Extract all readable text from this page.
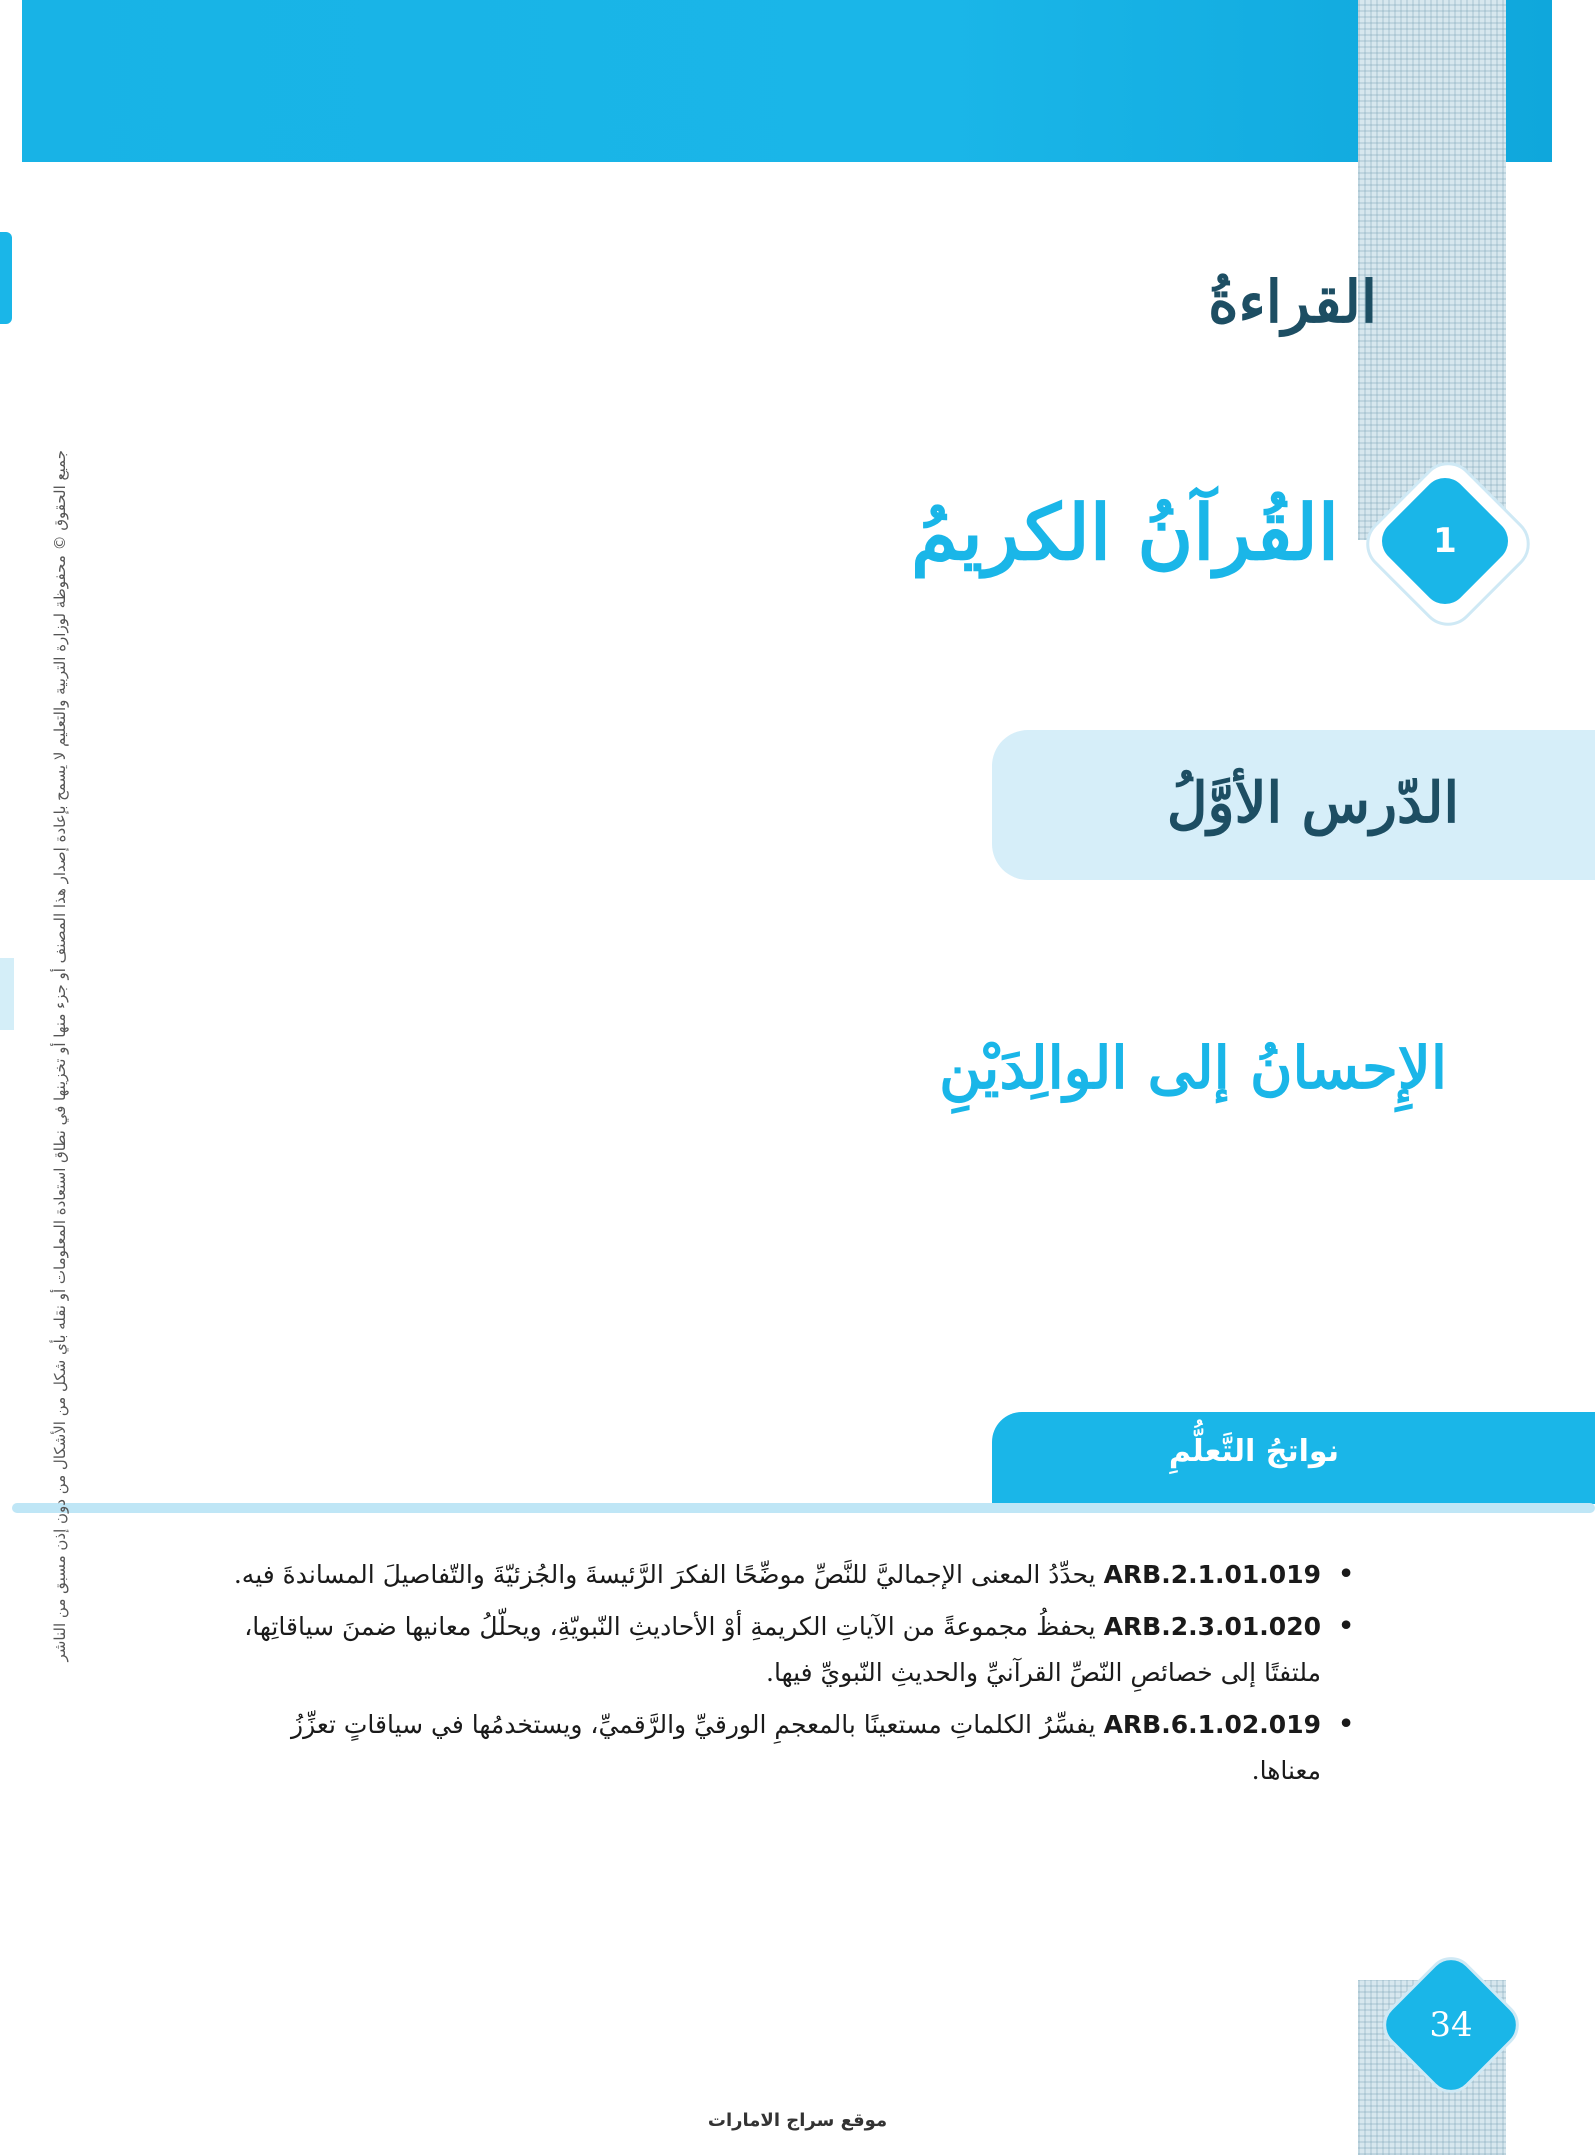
القراءةُ
1
القُرآنُ الكريمُ
الدّرس الأوَّلُ
الإِحسانُ إلى الوالِدَيْنِ
نواتجُ التَّعلُّمِ
• ARB.2.1.01.019 يحدِّدُ المعنى الإجماليَّ للنَّصِّ موضِّحًا الفكرَ الرَّئيسةَ والجُزئيّةَ والتّفاصيلَ المساندةَ فيه.
• ARB.2.3.01.020 يحفظُ مجموعةً من الآياتِ الكريمةِ أوْ الأحاديثِ النّبويّةِ، ويحلّلُ معانيها ضمنَ سياقاتِها، ملتفتًا إلى خصائصِ النّصِّ القرآنيِّ والحديثِ النّبويِّ فيها.
• ARB.6.1.02.019 يفسِّرُ الكلماتِ مستعينًا بالمعجمِ الورقيِّ والرَّقميِّ، ويستخدمُها في سياقاتٍ تعزِّزُ معناها.
جميع الحقوق © محفوظة لوزارة التربية والتعليم لا يسمح بإعادة إصدار هذا المصنف أو جزء منها أو تخزينها في نطاق استعادة المعلومات أو نقله بأي شكل من الأشكال من دون إذن مسبق من الناشر
34
موقع سراج الامارات
